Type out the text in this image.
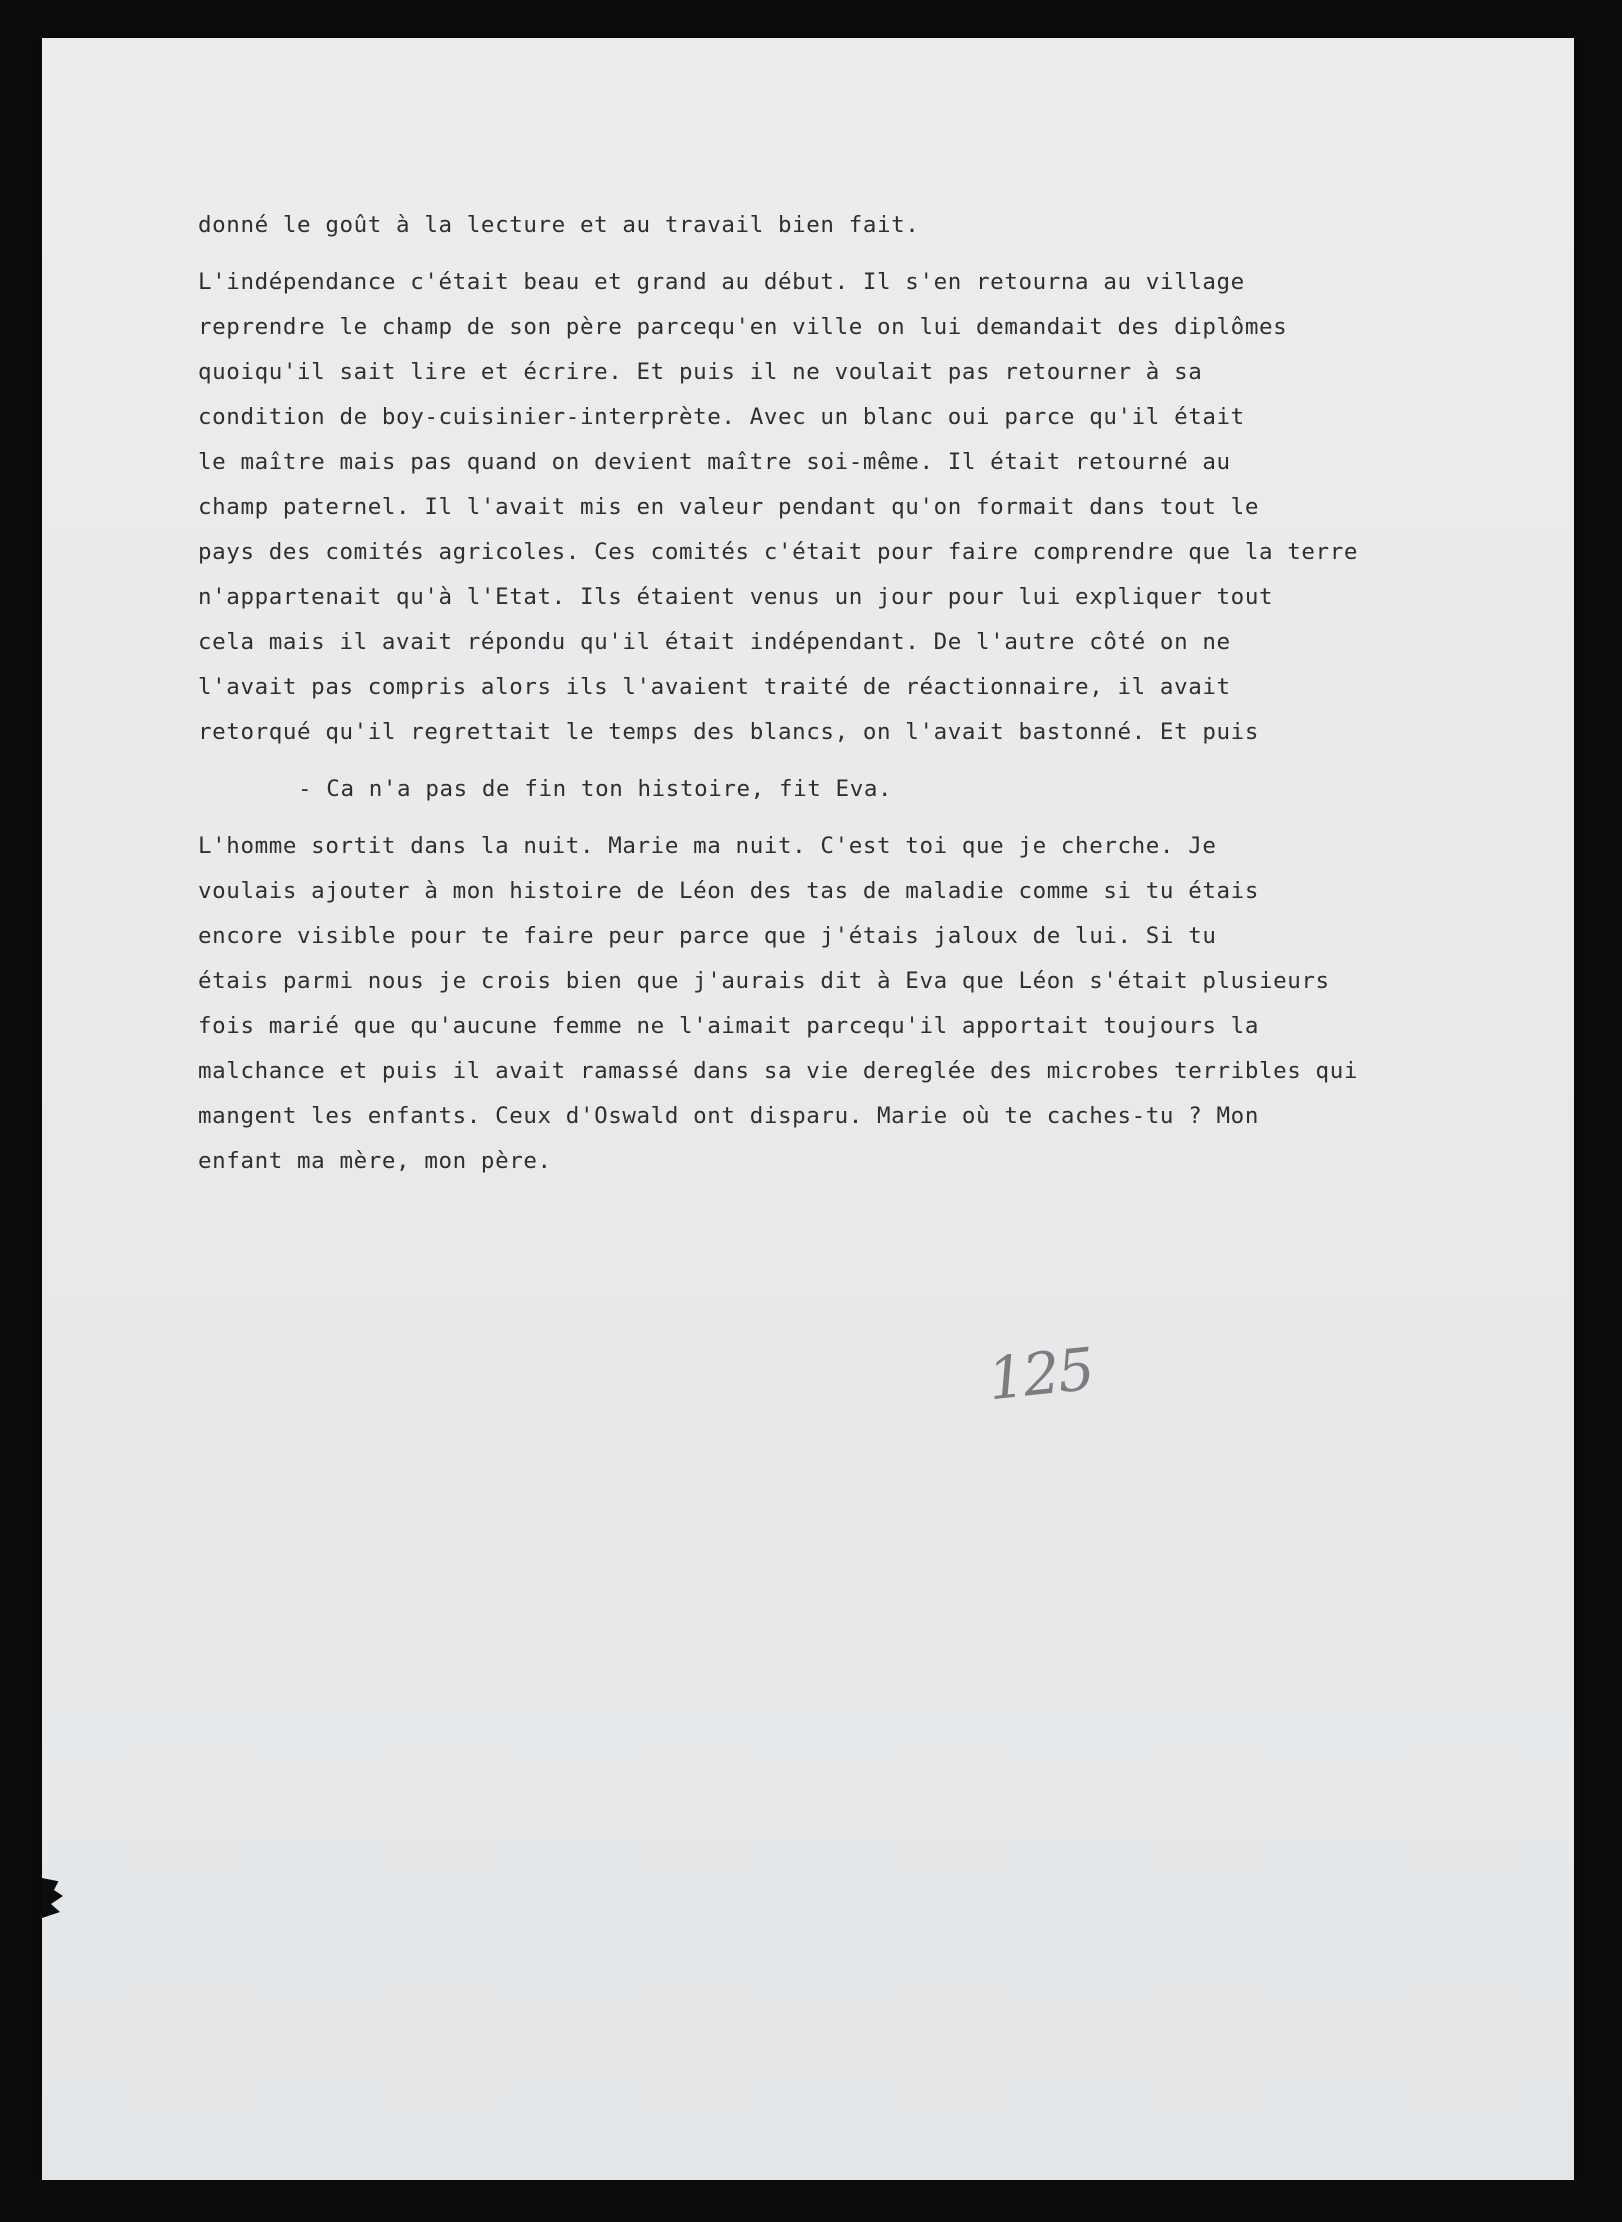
donné le goût à la lecture et au travail bien fait.
L'indépendance c'était beau et grand au début. Il s'en retourna au village
reprendre le champ de son père parcequ'en ville on lui demandait des diplômes
quoiqu'il sait lire et écrire. Et puis il ne voulait pas retourner à sa
condition de boy-cuisinier-interprète. Avec un blanc oui parce qu'il était
le maître mais pas quand on devient maître soi-même. Il était retourné au
champ paternel. Il l'avait mis en valeur pendant qu'on formait dans tout le
pays des comités agricoles. Ces comités c'était pour faire comprendre que la terre
n'appartenait qu'à l'Etat. Ils étaient venus un jour pour lui expliquer tout
cela mais il avait répondu qu'il était indépendant. De l'autre côté on ne
l'avait pas compris alors ils l'avaient traité de réactionnaire, il avait
retorqué qu'il regrettait le temps des blancs, on l'avait bastonné. Et puis
- Ca n'a pas de fin ton histoire, fit Eva.
L'homme sortit dans la nuit. Marie ma nuit. C'est toi que je cherche. Je
voulais ajouter à mon histoire de Léon des tas de maladie comme si tu étais
encore visible pour te faire peur parce que j'étais jaloux de lui. Si tu
étais parmi nous je crois bien que j'aurais dit à Eva que Léon s'était plusieurs
fois marié que qu'aucune femme ne l'aimait parcequ'il apportait toujours la
malchance et puis il avait ramassé dans sa vie dereglée des microbes terribles qui
mangent les enfants. Ceux d'Oswald ont disparu. Marie où te caches-tu ? Mon
enfant ma mère, mon père.
125
